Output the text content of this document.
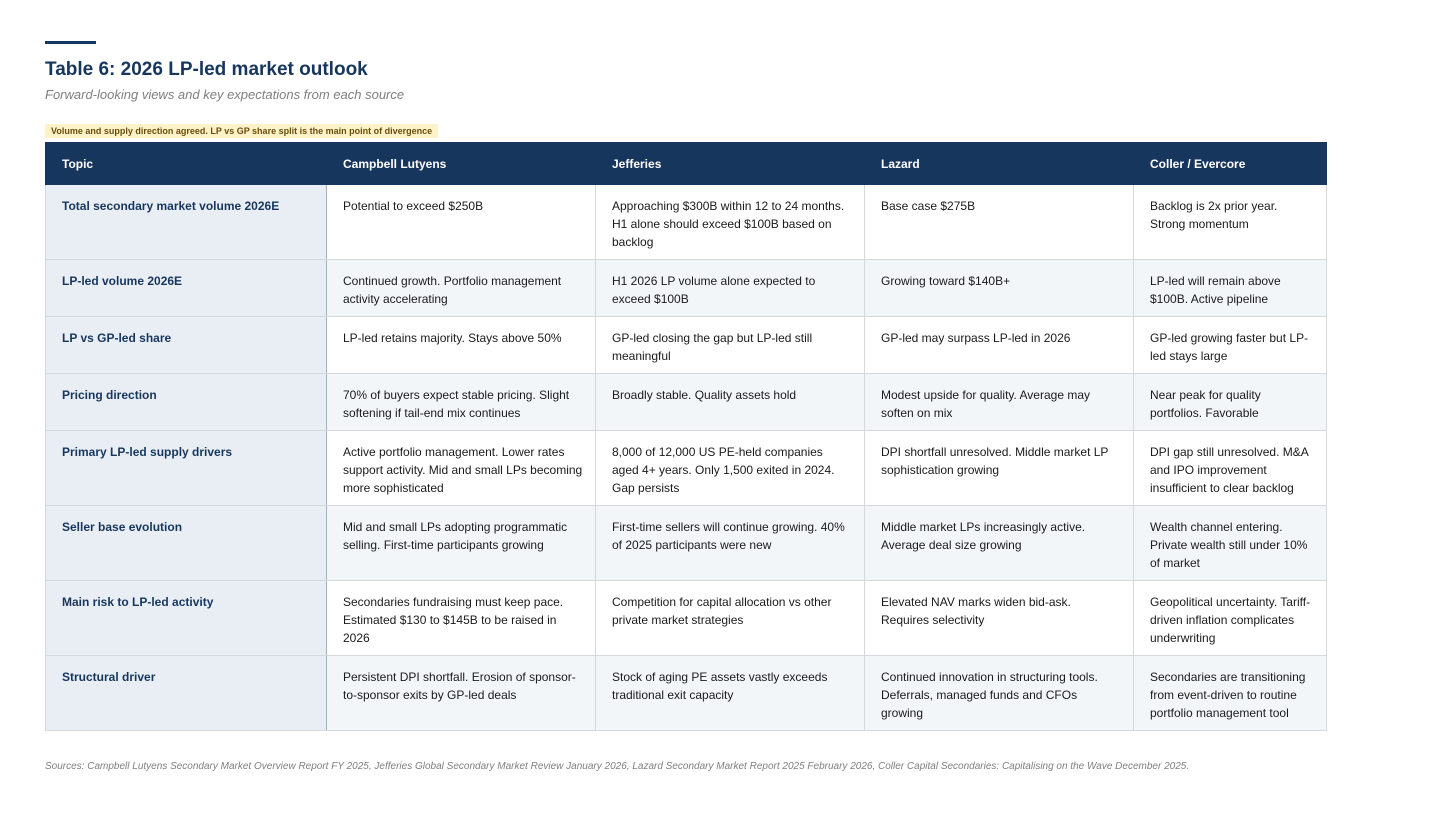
Table 6: 2026 LP-led market outlook

Forward-looking views and key expectations from each source

Volume and supply direction agreed. LP vs GP share split is the main point of divergence
Topic	Campbell Lutyens	Jefferies	Lazard	Coller / Evercore
Total secondary market volume 2026E	Potential to exceed $250B	Approaching $300B within 12 to 24 months. H1 alone should exceed $100B based on backlog	Base case $275B	Backlog is 2x prior year. Strong momentum
LP-led volume 2026E	Continued growth. Portfolio management activity accelerating	H1 2026 LP volume alone expected to exceed $100B	Growing toward $140B+	LP-led will remain above $100B. Active pipeline
LP vs GP-led share	LP-led retains majority. Stays above 50%	GP-led closing the gap but LP-led still meaningful	GP-led may surpass LP-led in 2026	GP-led growing faster but LP-led stays large
Pricing direction	70% of buyers expect stable pricing. Slight softening if tail-end mix continues	Broadly stable. Quality assets hold	Modest upside for quality. Average may soften on mix	Near peak for quality portfolios. Favorable
Primary LP-led supply drivers	Active portfolio management. Lower rates support activity. Mid and small LPs becoming more sophisticated	8,000 of 12,000 US PE-held companies aged 4+ years. Only 1,500 exited in 2024. Gap persists	DPI shortfall unresolved. Middle market LP sophistication growing	DPI gap still unresolved. M&A and IPO improvement insufficient to clear backlog
Seller base evolution	Mid and small LPs adopting programmatic selling. First-time participants growing	First-time sellers will continue growing. 40% of 2025 participants were new	Middle market LPs increasingly active. Average deal size growing	Wealth channel entering. Private wealth still under 10% of market
Main risk to LP-led activity	Secondaries fundraising must keep pace. Estimated $130 to $145B to be raised in 2026	Competition for capital allocation vs other private market strategies	Elevated NAV marks widen bid-ask. Requires selectivity	Geopolitical uncertainty. Tariff-driven inflation complicates underwriting
Structural driver	Persistent DPI shortfall. Erosion of sponsor-to-sponsor exits by GP-led deals	Stock of aging PE assets vastly exceeds traditional exit capacity	Continued innovation in structuring tools. Deferrals, managed funds and CFOs growing	Secondaries are transitioning from event-driven to routine portfolio management tool

Sources: Campbell Lutyens Secondary Market Overview Report FY 2025, Jefferies Global Secondary Market Review January 2026, Lazard Secondary Market Report 2025 February 2026, Coller Capital Secondaries: Capitalising on the Wave December 2025.
